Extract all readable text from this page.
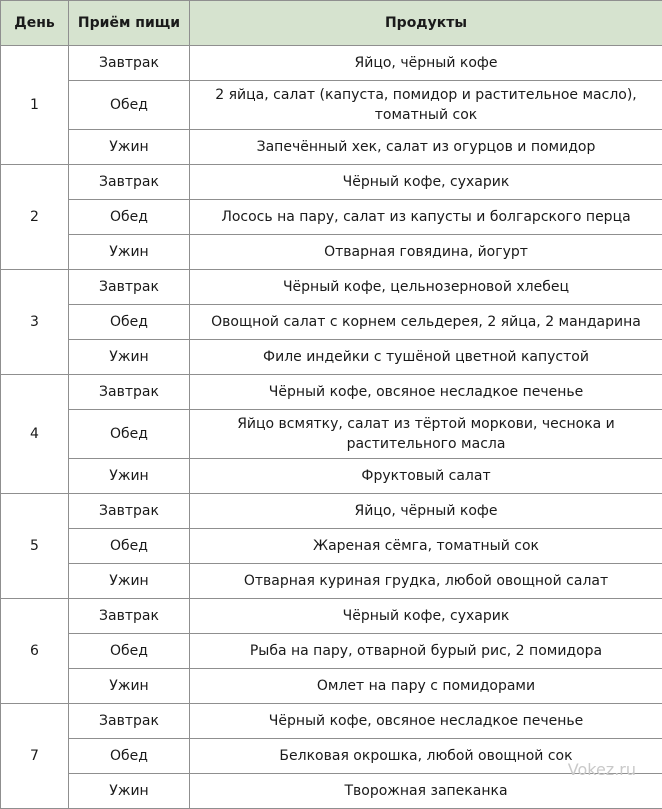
День	Приём пищи	Продукты
1	Завтрак	Яйцо, чёрный кофе
	Обед	2 яйца, салат (капуста, помидор и растительное масло), томатный сок
	Ужин	Запечённый хек, салат из огурцов и помидор
2	Завтрак	Чёрный кофе, сухарик
	Обед	Лосось на пару, салат из капусты и болгарского перца
	Ужин	Отварная говядина, йогурт
3	Завтрак	Чёрный кофе, цельнозерновой хлебец
	Обед	Овощной салат с корнем сельдерея, 2 яйца, 2 мандарина
	Ужин	Филе индейки с тушёной цветной капустой
4	Завтрак	Чёрный кофе, овсяное несладкое печенье
	Обед	Яйцо всмятку, салат из тёртой моркови, чеснока и растительного масла
	Ужин	Фруктовый салат
5	Завтрак	Яйцо, чёрный кофе
	Обед	Жареная сёмга, томатный сок
	Ужин	Отварная куриная грудка, любой овощной салат
6	Завтрак	Чёрный кофе, сухарик
	Обед	Рыба на пару, отварной бурый рис, 2 помидора
	Ужин	Омлет на пару с помидорами
7	Завтрак	Чёрный кофе, овсяное несладкое печенье
	Обед	Белковая окрошка, любой овощной сок
	Ужин	Творожная запеканка
Vokez.ru
